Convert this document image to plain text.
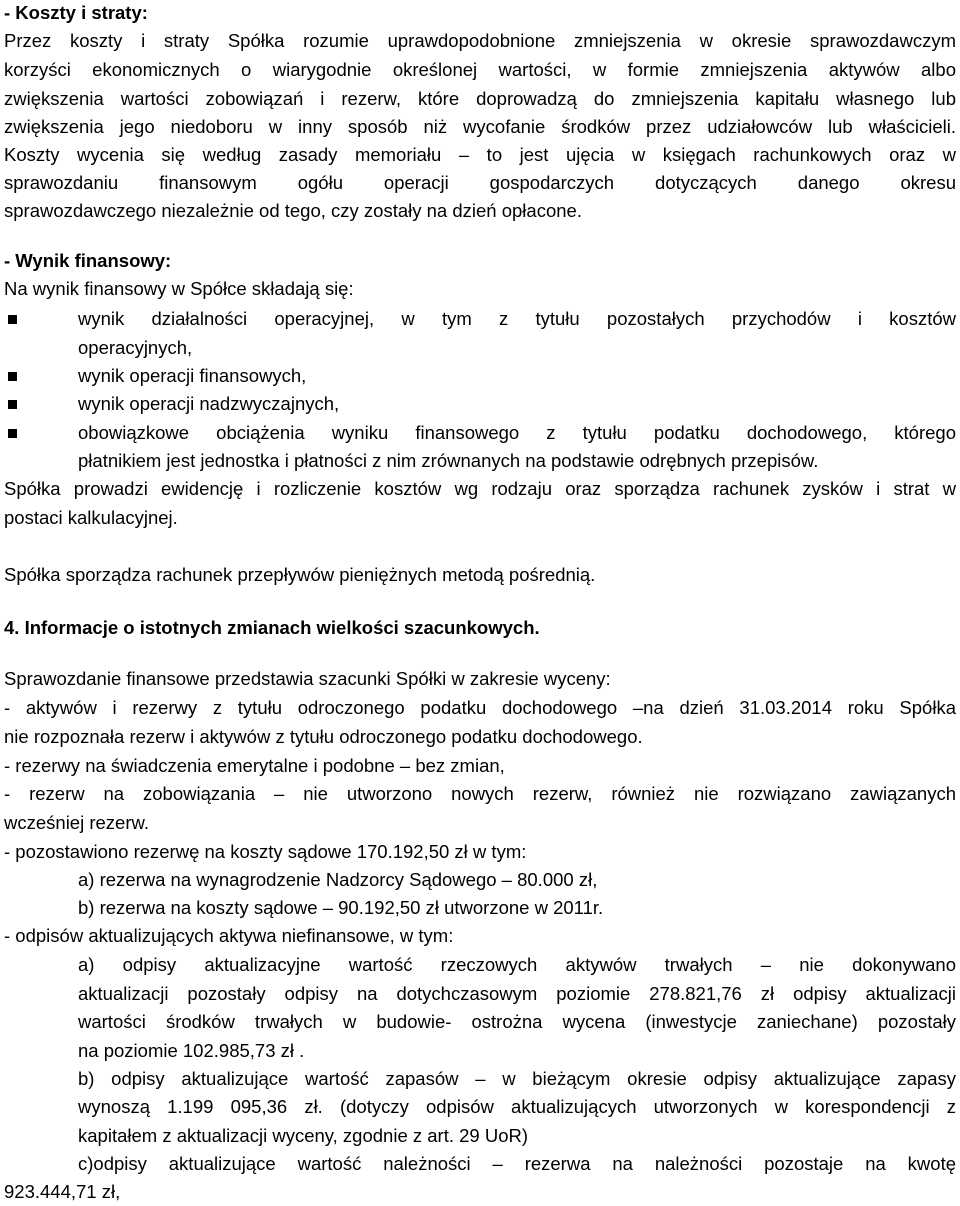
- Koszty i straty:
Przez koszty i straty Spółka rozumie uprawdopodobnione zmniejszenia w okresie sprawozdawczym
korzyści ekonomicznych o wiarygodnie określonej wartości, w formie zmniejszenia aktywów albo
zwiększenia wartości zobowiązań i rezerw, które doprowadzą do zmniejszenia kapitału własnego lub
zwiększenia jego niedoboru w inny sposób niż wycofanie środków przez udziałowców lub właścicieli.
Koszty wycenia się według zasady memoriału – to jest ujęcia w księgach rachunkowych oraz w
sprawozdaniu finansowym ogółu operacji gospodarczych dotyczących danego okresu
sprawozdawczego niezależnie od tego, czy zostały na dzień opłacone.
- Wynik finansowy:
Na wynik finansowy w Spółce składają się:
wynik działalności operacyjnej, w tym z tytułu pozostałych przychodów i kosztów
operacyjnych,
wynik operacji finansowych,
wynik operacji nadzwyczajnych,
obowiązkowe obciążenia wyniku finansowego z tytułu podatku dochodowego, którego
płatnikiem jest jednostka i płatności z nim zrównanych na podstawie odrębnych przepisów.
Spółka prowadzi ewidencję i rozliczenie kosztów wg rodzaju oraz sporządza rachunek zysków i strat w
postaci kalkulacyjnej.
Spółka sporządza rachunek przepływów pieniężnych metodą pośrednią.
4. Informacje o istotnych zmianach wielkości szacunkowych.
Sprawozdanie finansowe przedstawia szacunki Spółki w zakresie wyceny:
- aktywów i rezerwy z tytułu odroczonego podatku dochodowego –na dzień 31.03.2014 roku Spółka
nie rozpoznała rezerw i aktywów z tytułu odroczonego podatku dochodowego.
- rezerwy na świadczenia emerytalne i podobne – bez zmian,
- rezerw na zobowiązania – nie utworzono nowych rezerw, również nie rozwiązano zawiązanych
wcześniej rezerw.
- pozostawiono rezerwę na koszty sądowe 170.192,50 zł w tym:
a) rezerwa na wynagrodzenie Nadzorcy Sądowego – 80.000 zł,
b) rezerwa na koszty sądowe – 90.192,50 zł utworzone w 2011r.
- odpisów aktualizujących aktywa niefinansowe, w tym:
a) odpisy aktualizacyjne wartość rzeczowych aktywów trwałych – nie dokonywano
aktualizacji pozostały odpisy na dotychczasowym poziomie 278.821,76 zł odpisy aktualizacji
wartości środków trwałych w budowie- ostrożna wycena (inwestycje zaniechane) pozostały
na poziomie 102.985,73 zł .
b) odpisy aktualizujące wartość zapasów – w bieżącym okresie odpisy aktualizujące zapasy
wynoszą 1.199 095,36 zł. (dotyczy odpisów aktualizujących utworzonych w korespondencji z
kapitałem z aktualizacji wyceny, zgodnie z art. 29 UoR)
c)odpisy aktualizujące wartość należności – rezerwa na należności pozostaje na kwotę
923.444,71 zł,
